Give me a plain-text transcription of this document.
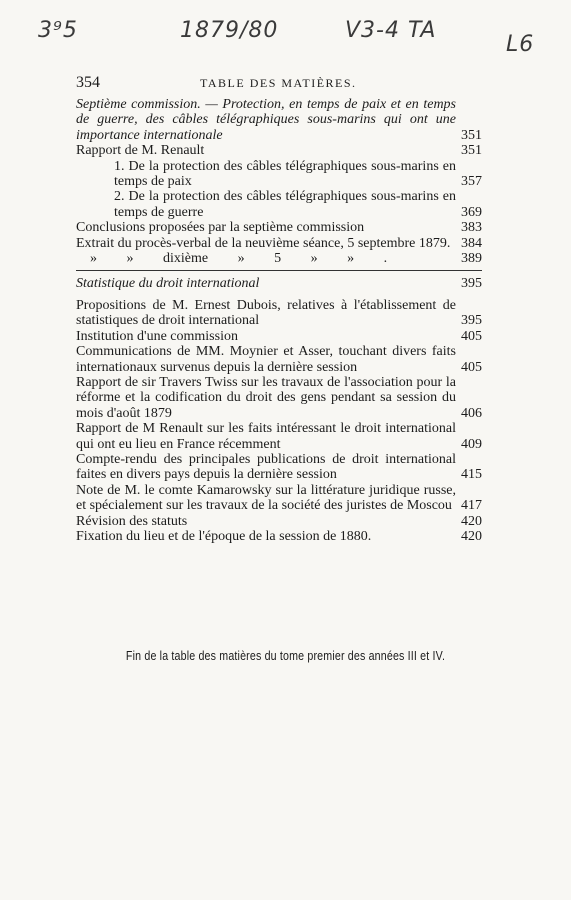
3⁹5	1879/80	V3-4 TA
L6
354	TABLE DES MATIÈRES.
Septième commission. — Protection, en temps de paix et en temps de guerre, des câbles télégraphiques sous-marins qui ont une importance internationale	351
Rapport de M. Renault	351
1. De la protection des câbles télégraphiques sous-marins en temps de paix	357
2. De la protection des câbles télégraphiques sous-marins en temps de guerre	369
Conclusions proposées par la septième commission	383
Extrait du procès-verbal de la neuvième séance, 5 septembre 1879. 384
» » dixième » 5 » » .	389
Statistique du droit international	395
Propositions de M. Ernest Dubois, relatives à l'établissement de statistiques de droit international	395
Institution d'une commission	405
Communications de MM. Moynier et Asser, touchant divers faits internationaux survenus depuis la dernière session	405
Rapport de sir Travers Twiss sur les travaux de l'association pour la réforme et la codification du droit des gens pendant sa session du mois d'août 1879	406
Rapport de M Renault sur les faits intéressant le droit international qui ont eu lieu en France récemment	409
Compte-rendu des principales publications de droit international faites en divers pays depuis la dernière session	415
Note de M. le comte Kamarowsky sur la littérature juridique russe, et spécialement sur les travaux de la société des juristes de Moscou 417
Révision des statuts	420
Fixation du lieu et de l'époque de la session de 1880.	420
Fin de la table des matières du tome premier des années III et IV.
